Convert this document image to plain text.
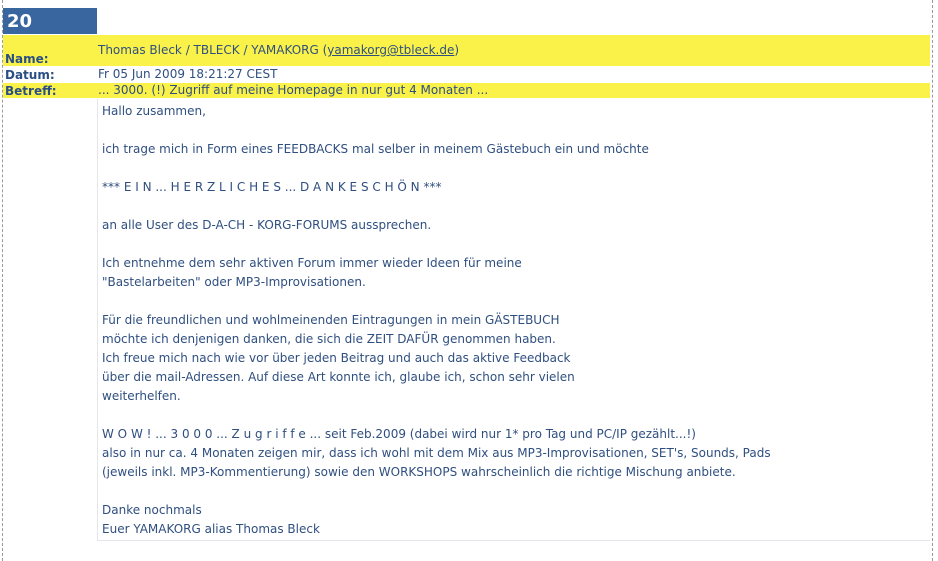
20
Name:
Thomas Bleck / TBLECK / YAMAKORG (yamakorg@tbleck.de)
Datum:	Fr 05 Jun 2009 18:21:27 CEST
Betreff:	... 3000. (!) Zugriff auf meine Homepage in nur gut 4 Monaten ...
Hallo zusammen,
ich trage mich in Form eines FEEDBACKS mal selber in meinem Gästebuch ein und möchte
*** E I N ... H E R Z L I C H E S ... D A N K E S C H Ö N ***
an alle User des D-A-CH - KORG-FORUMS aussprechen.
Ich entnehme dem sehr aktiven Forum immer wieder Ideen für meine
"Bastelarbeiten" oder MP3-Improvisationen.
Für die freundlichen und wohlmeinenden Eintragungen in mein GÄSTEBUCH
möchte ich denjenigen danken, die sich die ZEIT DAFÜR genommen haben.
Ich freue mich nach wie vor über jeden Beitrag und auch das aktive Feedback
über die mail-Adressen. Auf diese Art konnte ich, glaube ich, schon sehr vielen
weiterhelfen.
W O W ! ... 3 0 0 0 ... Z u g r i f f e ... seit Feb.2009 (dabei wird nur 1* pro Tag und PC/IP gezählt...!)
also in nur ca. 4 Monaten zeigen mir, dass ich wohl mit dem Mix aus MP3-Improvisationen, SET's, Sounds, Pads
(jeweils inkl. MP3-Kommentierung) sowie den WORKSHOPS wahrscheinlich die richtige Mischung anbiete.
Danke nochmals
Euer YAMAKORG alias Thomas Bleck
